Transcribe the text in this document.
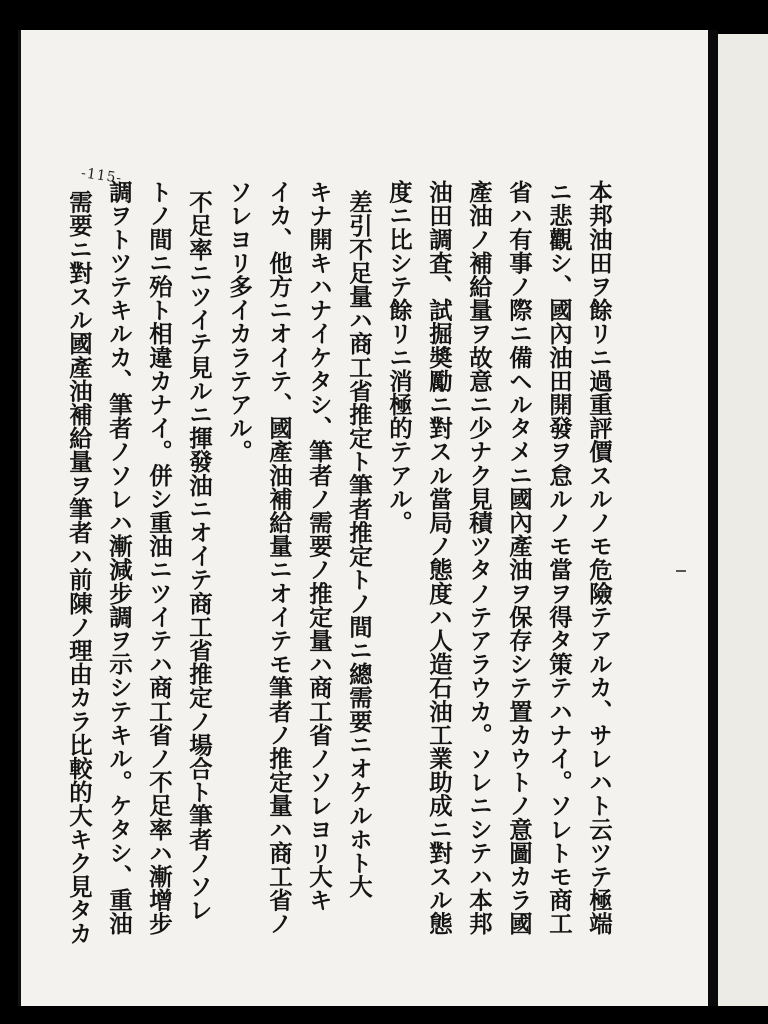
-115-
本邦油田ヲ餘リニ過重評價スルノモ危險テアルカ、サレハト云ツテ極端
ニ悲觀シ、國內油田開發ヲ怠ルノモ當ヲ得タ策テハナイ。ソレトモ商工
省ハ有事ノ際ニ備ヘルタメニ國內產油ヲ保存シテ置カウトノ意圖カラ國
產油ノ補給量ヲ故意ニ少ナク見積ツタノテアラウカ。ソレニシテハ本邦
油田調査、試掘奬勵ニ對スル當局ノ態度ハ人造石油工業助成ニ對スル態
度ニ比シテ餘リニ消極的テアル。
差引不足量ハ商工省推定ト筆者推定トノ間ニ總需要ニオケルホト大
キナ開キハナイケタシ、筆者ノ需要ノ推定量ハ商工省ノソレヨリ大キ
イカ、他方ニオイテ、國產油補給量ニオイテモ筆者ノ推定量ハ商工省ノ
ソレヨリ多イカラテアル。
不足率ニツイテ見ルニ揮發油ニオイテ商工省推定ノ場合ト筆者ノソレ
トノ間ニ殆ト相違カナイ。併シ重油ニツイテハ商工省ノ不足率ハ漸增步
調ヲトツテキルカ、筆者ノソレハ漸減步調ヲ示シテキル。ケタシ、重油
需要ニ對スル國產油補給量ヲ筆者ハ前陳ノ理由カラ比較的大キク見タカ
